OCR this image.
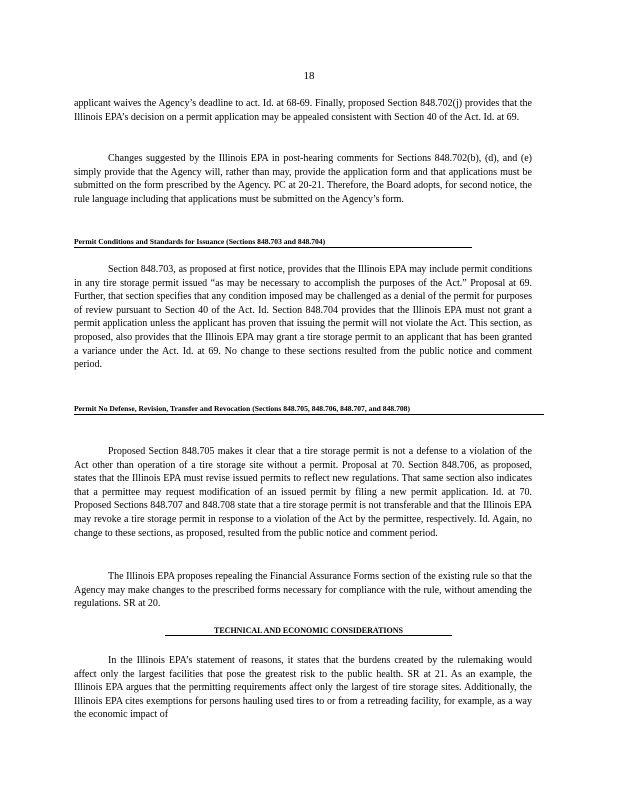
18

applicant waives the Agency’s deadline to act. Id. at 68-69. Finally, proposed Section 848.702(j) provides that the Illinois EPA’s decision on a permit application may be appealed consistent with Section 40 of the Act. Id. at 69.

Changes suggested by the Illinois EPA in post-hearing comments for Sections 848.702(b), (d), and (e) simply provide that the Agency will, rather than may, provide the application form and that applications must be submitted on the form prescribed by the Agency. PC at 20-21. Therefore, the Board adopts, for second notice, the rule language including that applications must be submitted on the Agency’s form.

Permit Conditions and Standards for Issuance (Sections 848.703 and 848.704)

Section 848.703, as proposed at first notice, provides that the Illinois EPA may include permit conditions in any tire storage permit issued “as may be necessary to accomplish the purposes of the Act.” Proposal at 69. Further, that section specifies that any condition imposed may be challenged as a denial of the permit for purposes of review pursuant to Section 40 of the Act. Id. Section 848.704 provides that the Illinois EPA must not grant a permit application unless the applicant has proven that issuing the permit will not violate the Act. This section, as proposed, also provides that the Illinois EPA may grant a tire storage permit to an applicant that has been granted a variance under the Act. Id. at 69. No change to these sections resulted from the public notice and comment period.

Permit No Defense, Revision, Transfer and Revocation (Sections 848.705, 848.706, 848.707, and 848.708)

Proposed Section 848.705 makes it clear that a tire storage permit is not a defense to a violation of the Act other than operation of a tire storage site without a permit. Proposal at 70. Section 848.706, as proposed, states that the Illinois EPA must revise issued permits to reflect new regulations. That same section also indicates that a permittee may request modification of an issued permit by filing a new permit application. Id. at 70. Proposed Sections 848.707 and 848.708 state that a tire storage permit is not transferable and that the Illinois EPA may revoke a tire storage permit in response to a violation of the Act by the permittee, respectively. Id. Again, no change to these sections, as proposed, resulted from the public notice and comment period.

The Illinois EPA proposes repealing the Financial Assurance Forms section of the existing rule so that the Agency may make changes to the prescribed forms necessary for compliance with the rule, without amending the regulations. SR at 20.

TECHNICAL AND ECONOMIC CONSIDERATIONS

In the Illinois EPA’s statement of reasons, it states that the burdens created by the rulemaking would affect only the largest facilities that pose the greatest risk to the public health. SR at 21. As an example, the Illinois EPA argues that the permitting requirements affect only the largest of tire storage sites. Additionally, the Illinois EPA cites exemptions for persons hauling used tires to or from a retreading facility, for example, as a way the economic impact of
